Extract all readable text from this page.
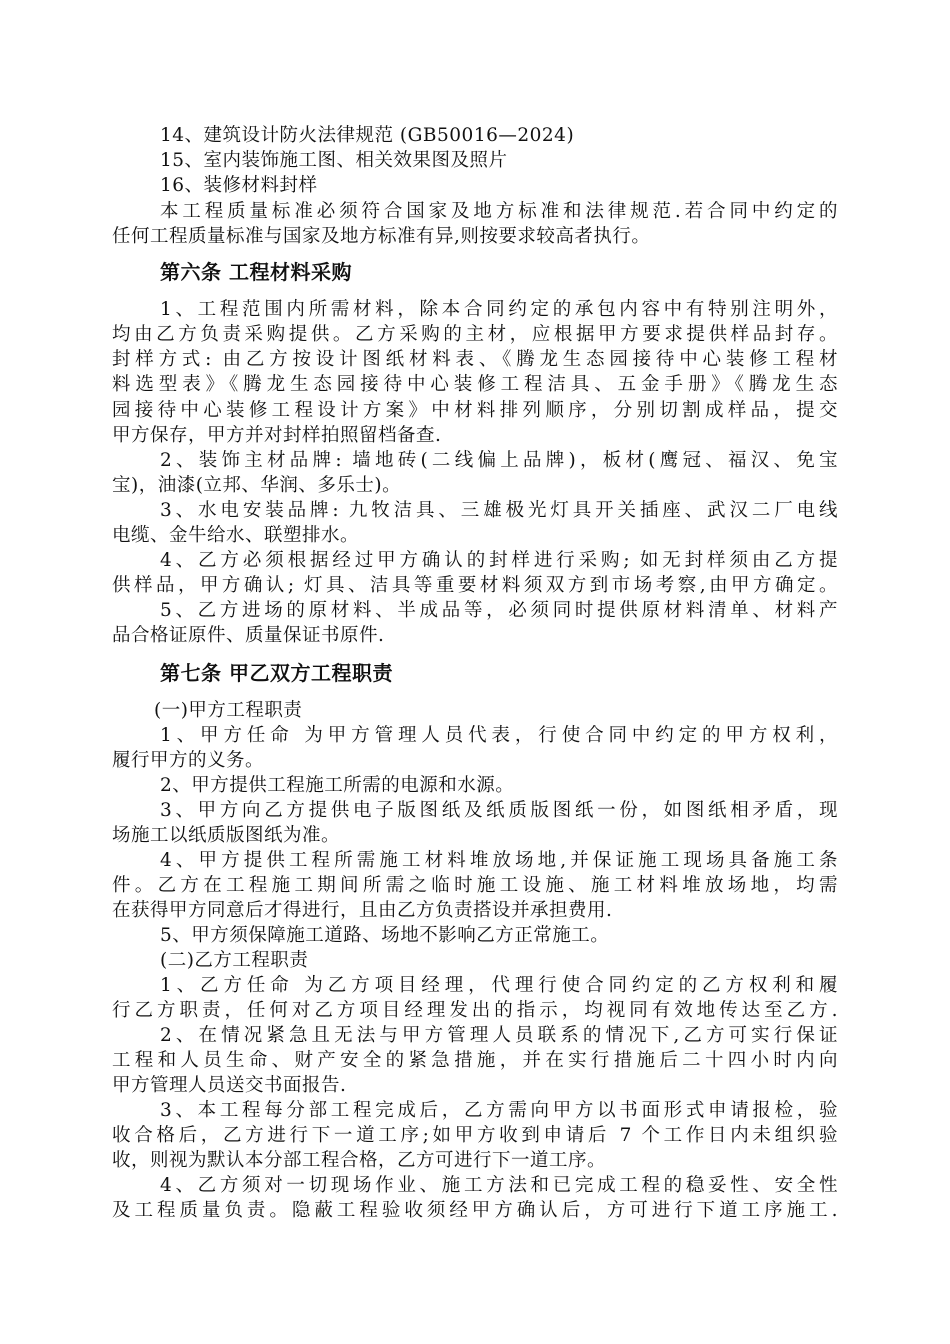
14、建筑设计防火法律规范 (GB50016—2024)
15、室内装饰施工图、相关效果图及照片
16、装修材料封样
本工程质量标准必须符合国家及地方标准和法律规范.若合同中约定的
任何工程质量标准与国家及地方标准有异,则按要求较高者执行。
第六条 工程材料采购
1、工程范围内所需材料，除本合同约定的承包内容中有特别注明外，
均由乙方负责采购提供。乙方采购的主材，应根据甲方要求提供样品封存。
封样方式: 由乙方按设计图纸材料表、《腾龙生态园接待中心装修工程材
料选型表》《腾龙生态园接待中心装修工程洁具、五金手册》《腾龙生态
园接待中心装修工程设计方案》中材料排列顺序，分别切割成样品，提交
甲方保存，甲方并对封样拍照留档备查.
2、装饰主材品牌: 墙地砖(二线偏上品牌)，板材(鹰冠、福汉、免宝
宝)，油漆(立邦、华润、多乐士)。
3、水电安装品牌: 九牧洁具、三雄极光灯具开关插座、武汉二厂电线
电缆、金牛给水、联塑排水。
4、乙方必须根据经过甲方确认的封样进行采购; 如无封样须由乙方提
供样品，甲方确认; 灯具、洁具等重要材料须双方到市场考察,由甲方确定。
5、乙方进场的原材料、半成品等，必须同时提供原材料清单、材料产
品合格证原件、质量保证书原件.
第七条 甲乙双方工程职责
(一)甲方工程职责
1、甲方任命 为甲方管理人员代表，行使合同中约定的甲方权利，
履行甲方的义务。
2、甲方提供工程施工所需的电源和水源。
3、甲方向乙方提供电子版图纸及纸质版图纸一份，如图纸相矛盾，现
场施工以纸质版图纸为准。
4、甲方提供工程所需施工材料堆放场地,并保证施工现场具备施工条
件。乙方在工程施工期间所需之临时施工设施、施工材料堆放场地，均需
在获得甲方同意后才得进行，且由乙方负责搭设并承担费用.
5、甲方须保障施工道路、场地不影响乙方正常施工。
(二)乙方工程职责
1、乙方任命 为乙方项目经理，代理行使合同约定的乙方权利和履
行乙方职责，任何对乙方项目经理发出的指示，均视同有效地传达至乙方.
2、在情况紧急且无法与甲方管理人员联系的情况下,乙方可实行保证
工程和人员生命、财产安全的紧急措施，并在实行措施后二十四小时内向
甲方管理人员送交书面报告.
3、本工程每分部工程完成后，乙方需向甲方以书面形式申请报检，验
收合格后，乙方进行下一道工序;如甲方收到申请后 7 个工作日内未组织验
收，则视为默认本分部工程合格，乙方可进行下一道工序。
4、乙方须对一切现场作业、施工方法和已完成工程的稳妥性、安全性
及工程质量负责。隐蔽工程验收须经甲方确认后，方可进行下道工序施工.
